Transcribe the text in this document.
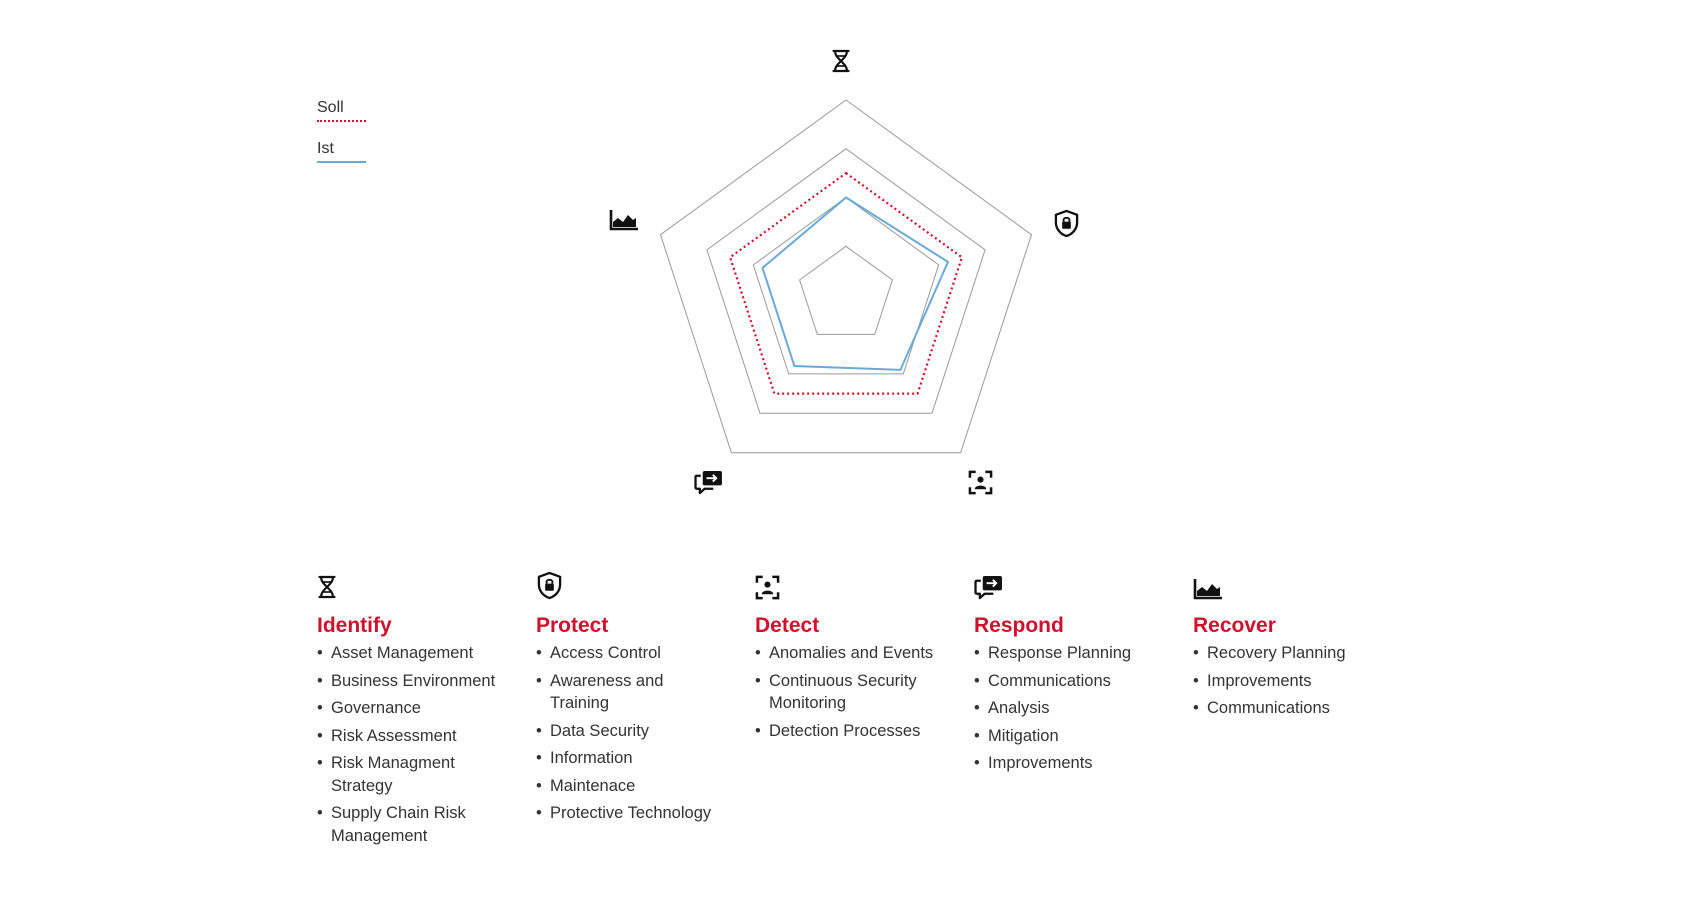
Soll
Ist
Identify
• Asset Management
• Business Environment
• Governance
• Risk Assessment
• Risk Managment Strategy
• Supply Chain Risk Management
Protect
• Access Control
• Awareness and Training
• Data Security
• Information
• Maintenace
• Protective Technology
Detect
• Anomalies and Events
• Continuous Security Monitoring
• Detection Processes
Respond
• Response Planning
• Communications
• Analysis
• Mitigation
• Improvements
Recover
• Recovery Planning
• Improvements
• Communications
